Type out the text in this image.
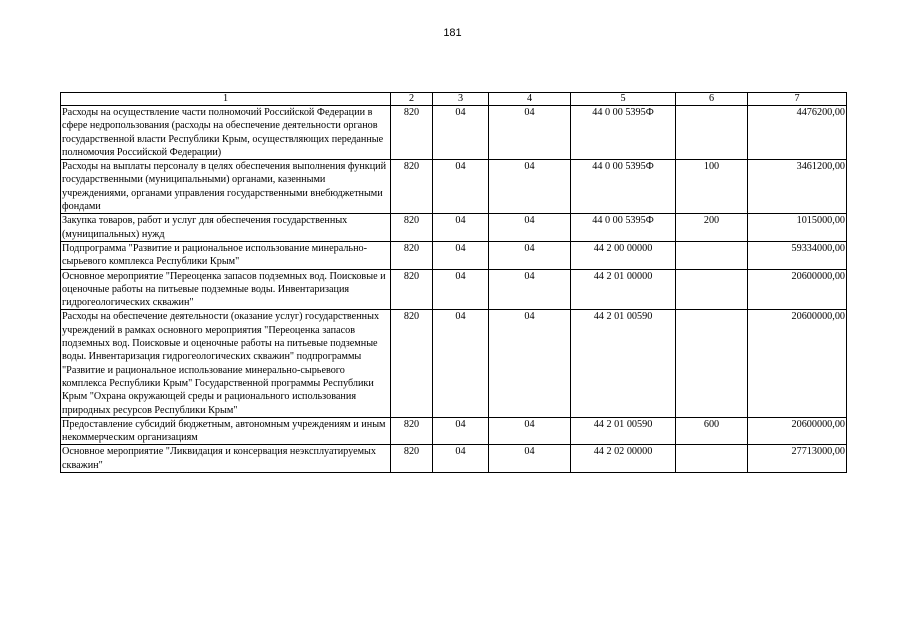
181
1	2	3	4	5	6	7
Расходы на осуществление части полномочий Российской Федерации в сфере недропользования (расходы на обеспечение деятельности органов государственной власти Республики Крым, осуществляющих переданные полномочия Российской Федерации)	820	04	04	44 0 00 5395Ф		4476200,00
Расходы на выплаты персоналу в целях обеспечения выполнения функций государственными (муниципальными) органами, казенными учреждениями, органами управления государственными внебюджетными фондами	820	04	04	44 0 00 5395Ф	100	3461200,00
Закупка товаров, работ и услуг для обеспечения государственных (муниципальных) нужд	820	04	04	44 0 00 5395Ф	200	1015000,00
Подпрограмма "Развитие и рациональное использование минерально-сырьевого комплекса Республики Крым"	820	04	04	44 2 00 00000		59334000,00
Основное мероприятие "Переоценка запасов подземных вод. Поисковые и оценочные работы на питьевые подземные воды. Инвентаризация гидрогеологических скважин"	820	04	04	44 2 01 00000		20600000,00
Расходы на обеспечение деятельности (оказание услуг) государственных учреждений в рамках основного мероприятия "Переоценка запасов подземных вод. Поисковые и оценочные работы на питьевые подземные воды. Инвентаризация гидрогеологических скважин" подпрограммы "Развитие и рациональное использование минерально-сырьевого комплекса Республики Крым" Государственной программы Республики Крым "Охрана окружающей среды и рационального использования природных ресурсов Республики Крым"	820	04	04	44 2 01 00590		20600000,00
Предоставление субсидий бюджетным, автономным учреждениям и иным некоммерческим организациям	820	04	04	44 2 01 00590	600	20600000,00
Основное мероприятие "Ликвидация и консервация неэксплуатируемых скважин"	820	04	04	44 2 02 00000		27713000,00
